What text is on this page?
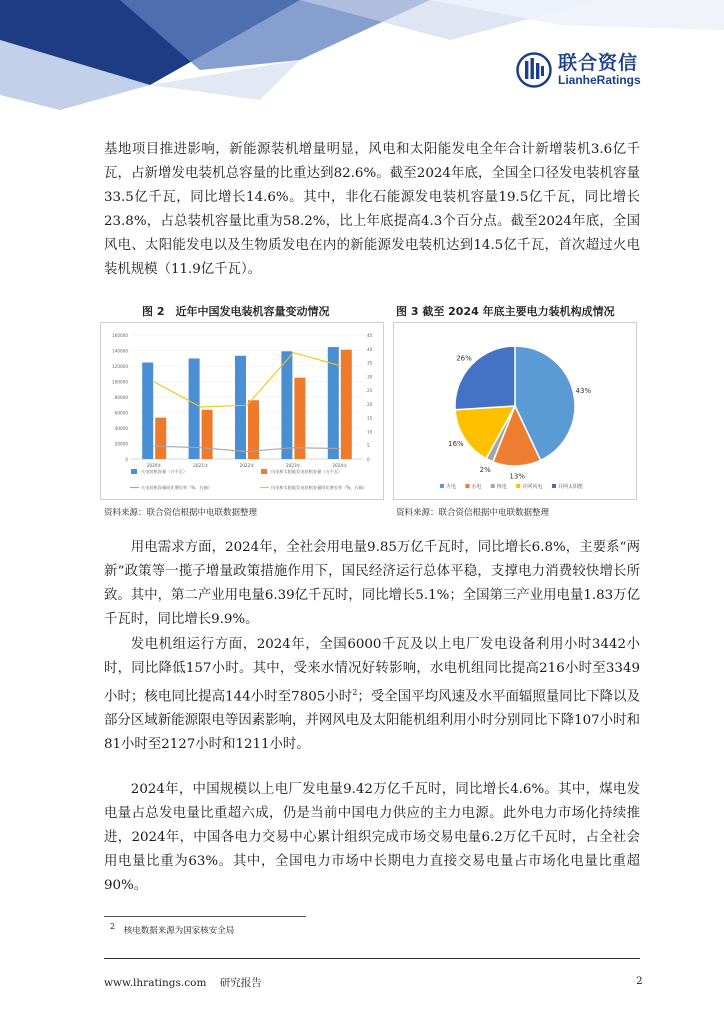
联合资信
LianheRatings

基地项目推进影响，新能源装机增量明显，风电和太阳能发电全年合计新增装机3.6亿千瓦，占新增发电装机总容量的比重达到82.6%。截至2024年底，全国全口径发电装机容量33.5亿千瓦，同比增长14.6%。其中，非化石能源发电装机容量19.5亿千瓦，同比增长23.8%，占总装机容量比重为58.2%，比上年底提高4.3个百分点。截至2024年底，全国风电、太阳能发电以及生物质发电在内的新能源发电装机达到14.5亿千瓦，首次超过火电装机规模（11.9亿千瓦）。

图 2　近年中国发电装机容量变动情况	图 3 截至 2024 年底主要电力装机构成情况
0
20000
40000
60000
80000
100000
120000
140000
160000
0
5
10
15
20
25
30
35
40
45
2020年	2021年	2022年	2023年	2024年
火电装机容量（万千瓦）	风电和太阳能发电装机容量（万千瓦）
火电装机容量同比增长率（%，右轴）	风电和太阳能发电装机容量同比增长率（%，右轴）
43%
13%
2%
16%
26%
火电	水电	核电	并网风电	并网太阳能
资料来源：联合资信根据中电联数据整理	资料来源：联合资信根据中电联数据整理

用电需求方面，2024年，全社会用电量9.85万亿千瓦时，同比增长6.8%，主要系“两新”政策等一揽子增量政策措施作用下，国民经济运行总体平稳，支撑电力消费较快增长所致。其中，第二产业用电量6.39亿千瓦时，同比增长5.1%；全国第三产业用电量1.83万亿千瓦时，同比增长9.9%。

发电机组运行方面，2024年，全国6000千瓦及以上电厂发电设备利用小时3442小时，同比降低157小时。其中，受来水情况好转影响，水电机组同比提高216小时至3349小时；核电同比提高144小时至7805小时$^2$；受全国平均风速及水平面辐照量同比下降以及部分区域新能源限电等因素影响，并网风电及太阳能机组利用小时分别同比下降107小时和81小时至2127小时和1211小时。

2024年，中国规模以上电厂发电量9.42万亿千瓦时，同比增长4.6%。其中，煤电发电量占总发电量比重超六成，仍是当前中国电力供应的主力电源。此外电力市场化持续推进，2024年，中国各电力交易中心累计组织完成市场交易电量6.2万亿千瓦时，占全社会用电量比重为63%。其中，全国电力市场中长期电力直接交易电量占市场化电量比重超90%。

$^2$ 核电数据来源为国家核安全局
www.lhratings.com 研究报告	2
